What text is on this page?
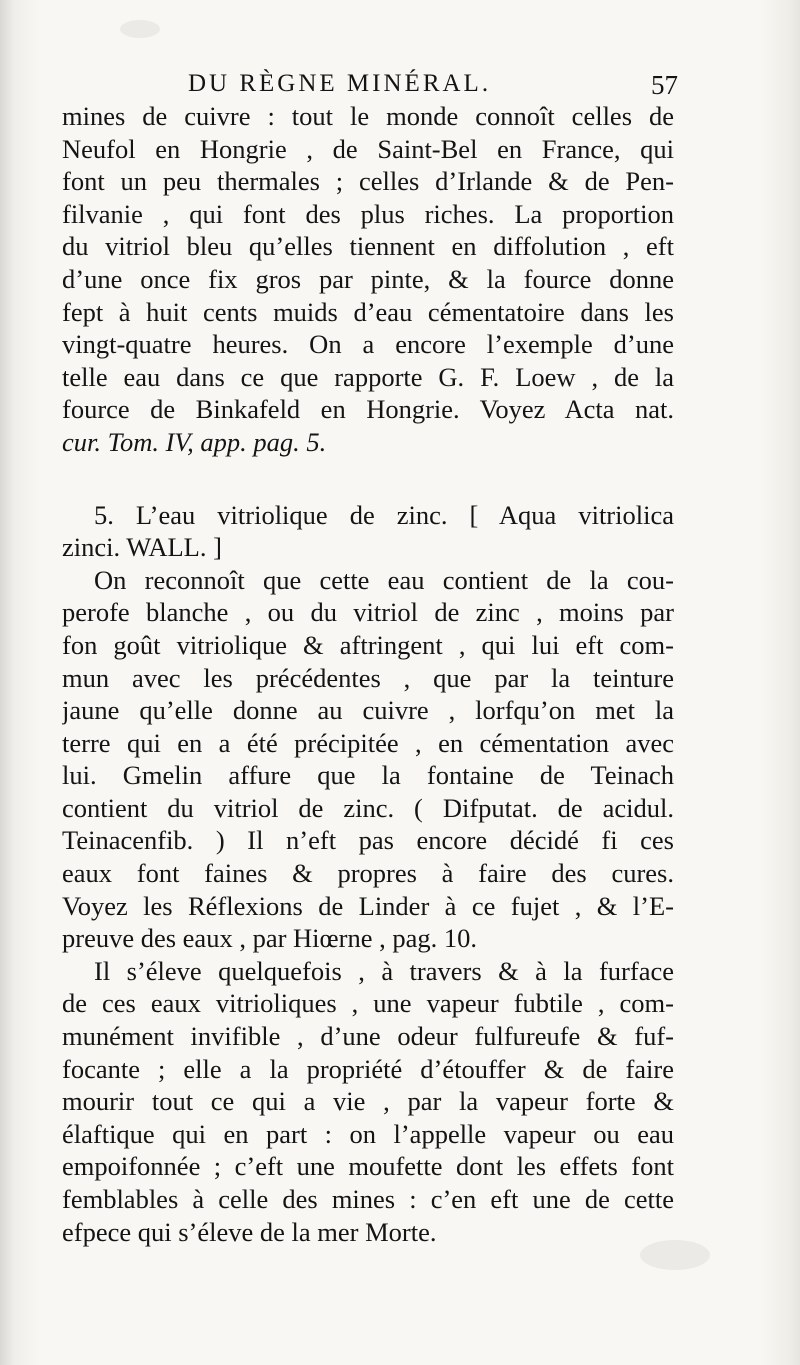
DU RÈGNE MINÉRAL.	57
mines de cuivre : tout le monde connoît celles de
Neufol en Hongrie , de Saint-Bel en France, qui
font un peu thermales ; celles d’Irlande & de Pen-
filvanie , qui font des plus riches. La proportion
du vitriol bleu qu’elles tiennent en diffolution , eft
d’une once fix gros par pinte, & la fource donne
fept à huit cents muids d’eau cémentatoire dans les
vingt-quatre heures. On a encore l’exemple d’une
telle eau dans ce que rapporte G. F. Loew , de la
fource de Binkafeld en Hongrie. Voyez Acta nat.
cur. Tom. IV, app. pag. 5.
5. L’eau vitriolique de zinc. [ Aqua vitriolica
zinci. WALL. ]
On reconnoît que cette eau contient de la cou-
perofe blanche , ou du vitriol de zinc , moins par
fon goût vitriolique & aftringent , qui lui eft com-
mun avec les précédentes , que par la teinture
jaune qu’elle donne au cuivre , lorfqu’on met la
terre qui en a été précipitée , en cémentation avec
lui. Gmelin affure que la fontaine de Teinach
contient du vitriol de zinc. ( Difputat. de acidul.
Teinacenfib. ) Il n’eft pas encore décidé fi ces
eaux font faines & propres à faire des cures.
Voyez les Réflexions de Linder à ce fujet , & l’E-
preuve des eaux , par Hiœrne , pag. 10.
Il s’éleve quelquefois , à travers & à la furface
de ces eaux vitrioliques , une vapeur fubtile , com-
munément invifible , d’une odeur fulfureufe & fuf-
focante ; elle a la propriété d’étouffer & de faire
mourir tout ce qui a vie , par la vapeur forte &
élaftique qui en part : on l’appelle vapeur ou eau
empoifonnée ; c’eft une moufette dont les effets font
femblables à celle des mines : c’en eft une de cette
efpece qui s’éleve de la mer Morte.
